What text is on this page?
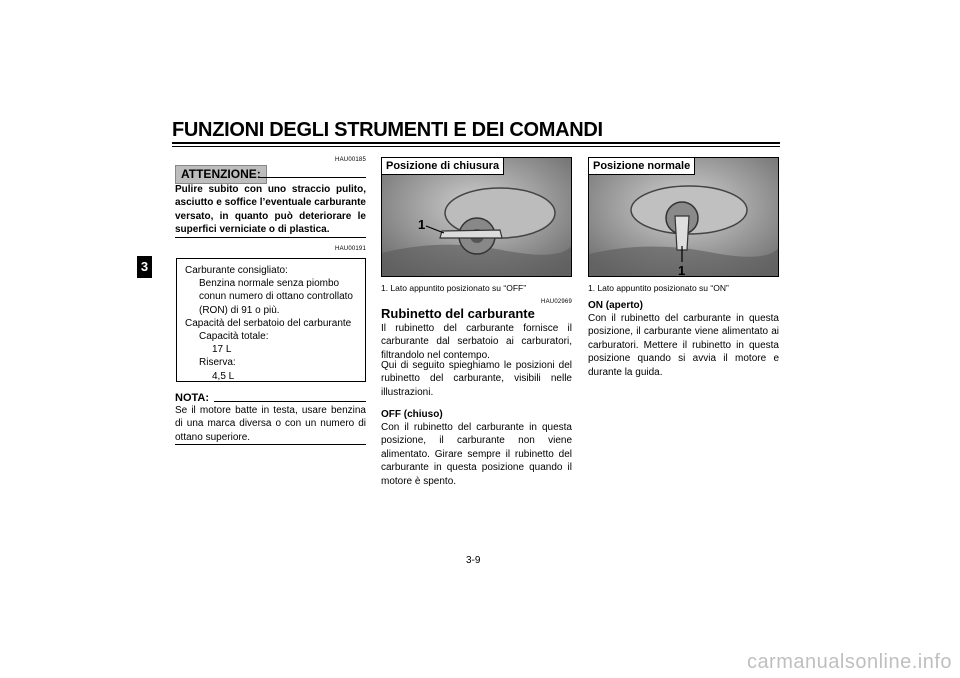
FUNZIONI DEGLI STRUMENTI E DEI COMANDI
3
HAU00185
ATTENZIONE:
Pulire subito con uno straccio pulito, asciutto e soffice l’eventuale carburante versato, in quanto può deteriorare le superfici verniciate o di plastica.
HAU00191
Carburante consigliato:
Benzina normale senza piombo
conun numero di ottano controllato
(RON) di 91 o più.
Capacità del serbatoio del carburante
Capacità totale:
17 L
Riserva:
4,5 L
NOTA:
Se il motore batte in testa, usare benzina di una marca diversa o con un numero di ottano superiore.
1
Posizione di chiusura
1. Lato appuntito posizionato su “OFF”
HAU02969
Rubinetto del carburante
Il rubinetto del carburante fornisce il carburante dal serbatoio ai carburatori, filtrandolo nel contempo.
Qui di seguito spieghiamo le posizioni del rubinetto del carburante, visibili nelle illustrazioni.
OFF (chiuso)
Con il rubinetto del carburante in questa posizione, il carburante non viene alimentato. Girare sempre il rubinetto del carburante in questa posizione quando il motore è spento.
1
Posizione normale
1. Lato appuntito posizionato su “ON”
ON (aperto)
Con il rubinetto del carburante in questa posizione, il carburante viene alimentato ai carburatori. Mettere il rubinetto in questa posizione quando si avvia il motore e durante la guida.
3-9
carmanualsonline.info
